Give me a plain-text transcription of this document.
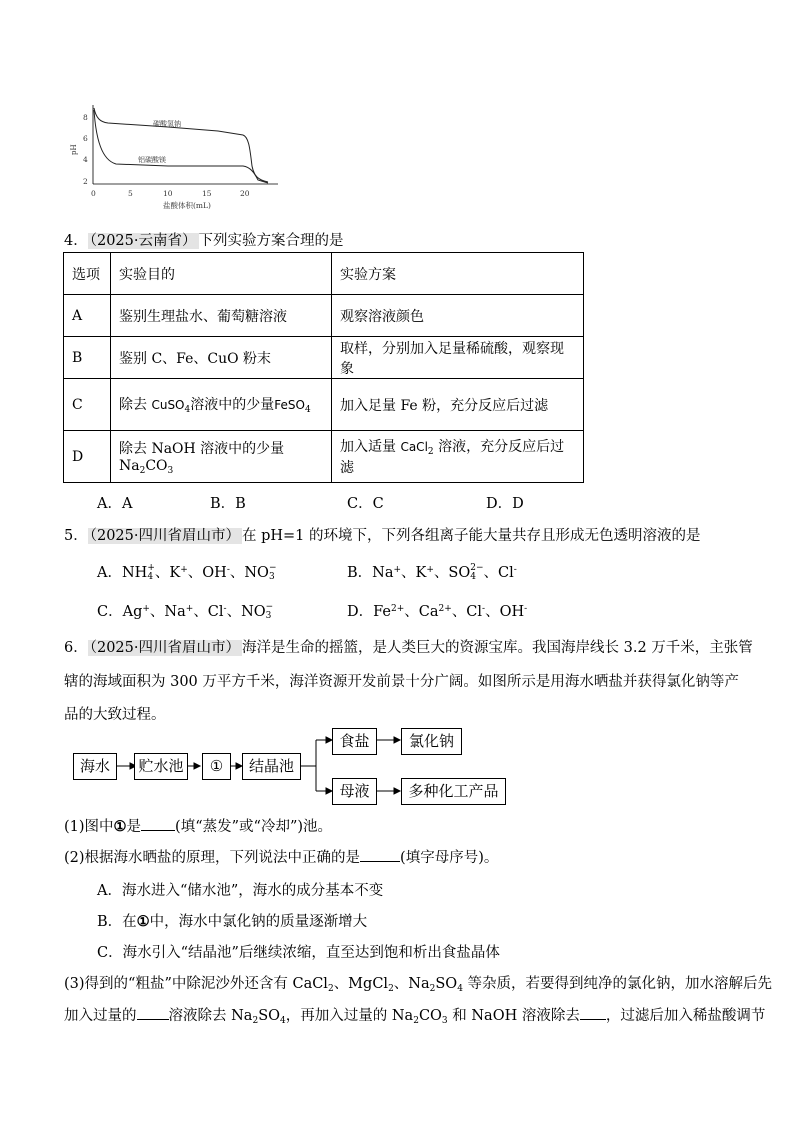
8
6
4
2
0	5	10	15	20
pH
盐酸体积(mL)
碳酸氢钠
铝碳酸镁
4． （2025·云南省） 下列实验方案合理的是
选项	实验目的	实验方案
A	鉴别生理盐水、葡萄糖溶液	观察溶液颜色
B	鉴别 C、Fe、CuO 粉末	取样，分别加入足量稀硫酸，观察现象
C	除去 CuSO$_4$溶液中的少量FeSO$_4$	加入足量 Fe 粉，充分反应后过滤
D	除去 NaOH 溶液中的少量 $Na_2CO_3$	加入适量 CaCl$_2$ 溶液，充分反应后过滤
A．A	B．B	C．C	D．D
5． （2025·四川省眉山市） 在 pH=1 的环境下，下列各组离子能大量共存且形成无色透明溶液的是
A．NH +
4 、K+、OH-、NO −
3	B．Na+、K+、SO 2−
4 、Cl-
C．Ag+、Na+、Cl-、NO −
3	D．$Fe^{2+}$、$Ca^{2+}$、Cl-、OH-
6． （2025·四川省眉山市） 海洋是生命的摇篮，是人类巨大的资源宝库。我国海岸线长 3.2 万千米，主张管
辖的海域面积为 300 万平方千米，海洋资源开发前景十分广阔。如图所示是用海水晒盐并获得氯化钠等产
品的大致过程。
海水	贮水池	①	结晶池
食盐	氯化钠
母液	多种化工产品
(1)图中①是 (填“蒸发”或“冷却”)池。
(2)根据海水晒盐的原理，下列说法中正确的是	(填字母序号)。
A．海水进入“储水池”，海水的成分基本不变
B．在①中，海水中氯化钠的质量逐渐增大
C．海水引入“结晶池”后继续浓缩，直至达到饱和析出食盐晶体
(3)得到的“粗盐”中除泥沙外还含有 CaCl$_2$、MgCl$_2$、$Na_2SO_4$ 等杂质，若要得到纯净的氯化钠，加水溶解后先
加入过量的 溶液除去 $Na_2SO_4$，再加入过量的 $Na_2CO_3$ 和 NaOH 溶液除去 ，过滤后加入稀盐酸调节
